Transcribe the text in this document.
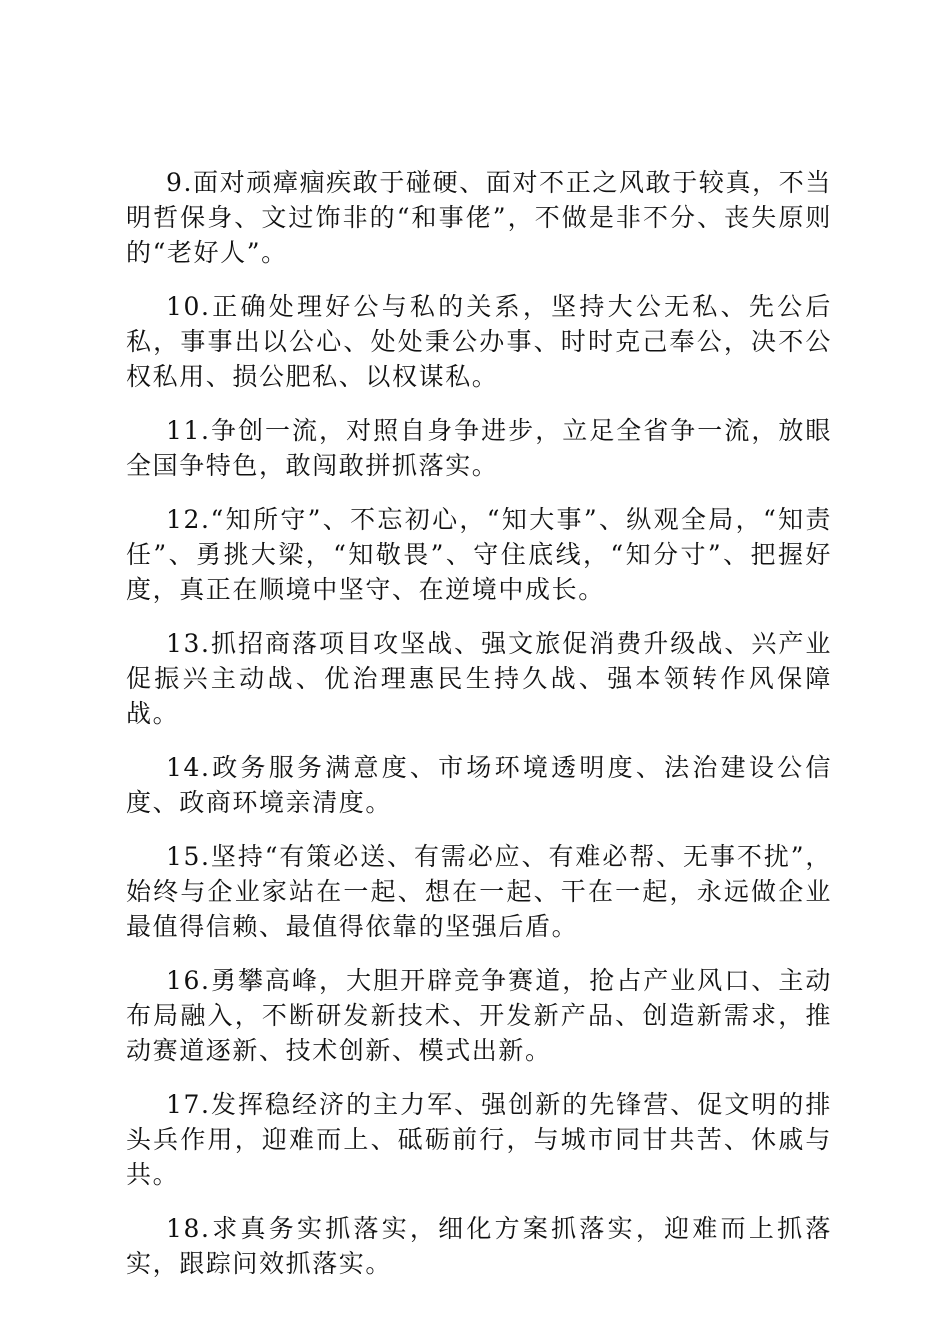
9.面对顽瘴痼疾敢于碰硬、面对不正之风敢于较真，不当明哲保身、文过饰非的“和事佬”，不做是非不分、丧失原则的“老好人”。

10.正确处理好公与私的关系，坚持大公无私、先公后私，事事出以公心、处处秉公办事、时时克己奉公，决不公权私用、损公肥私、以权谋私。

11.争创一流，对照自身争进步，立足全省争一流，放眼全国争特色，敢闯敢拼抓落实。

12.“知所守”、不忘初心，“知大事”、纵观全局，“知责任”、勇挑大梁，“知敬畏”、守住底线，“知分寸”、把握好度，真正在顺境中坚守、在逆境中成长。

13.抓招商落项目攻坚战、强文旅促消费升级战、兴产业促振兴主动战、优治理惠民生持久战、强本领转作风保障战。

14.政务服务满意度、市场环境透明度、法治建设公信度、政商环境亲清度。

15.坚持“有策必送、有需必应、有难必帮、无事不扰”，始终与企业家站在一起、想在一起、干在一起，永远做企业最值得信赖、最值得依靠的坚强后盾。

16.勇攀高峰，大胆开辟竞争赛道，抢占产业风口、主动布局融入，不断研发新技术、开发新产品、创造新需求，推动赛道逐新、技术创新、模式出新。

17.发挥稳经济的主力军、强创新的先锋营、促文明的排头兵作用，迎难而上、砥砺前行，与城市同甘共苦、休戚与共。

18.求真务实抓落实，细化方案抓落实，迎难而上抓落实，跟踪问效抓落实。
